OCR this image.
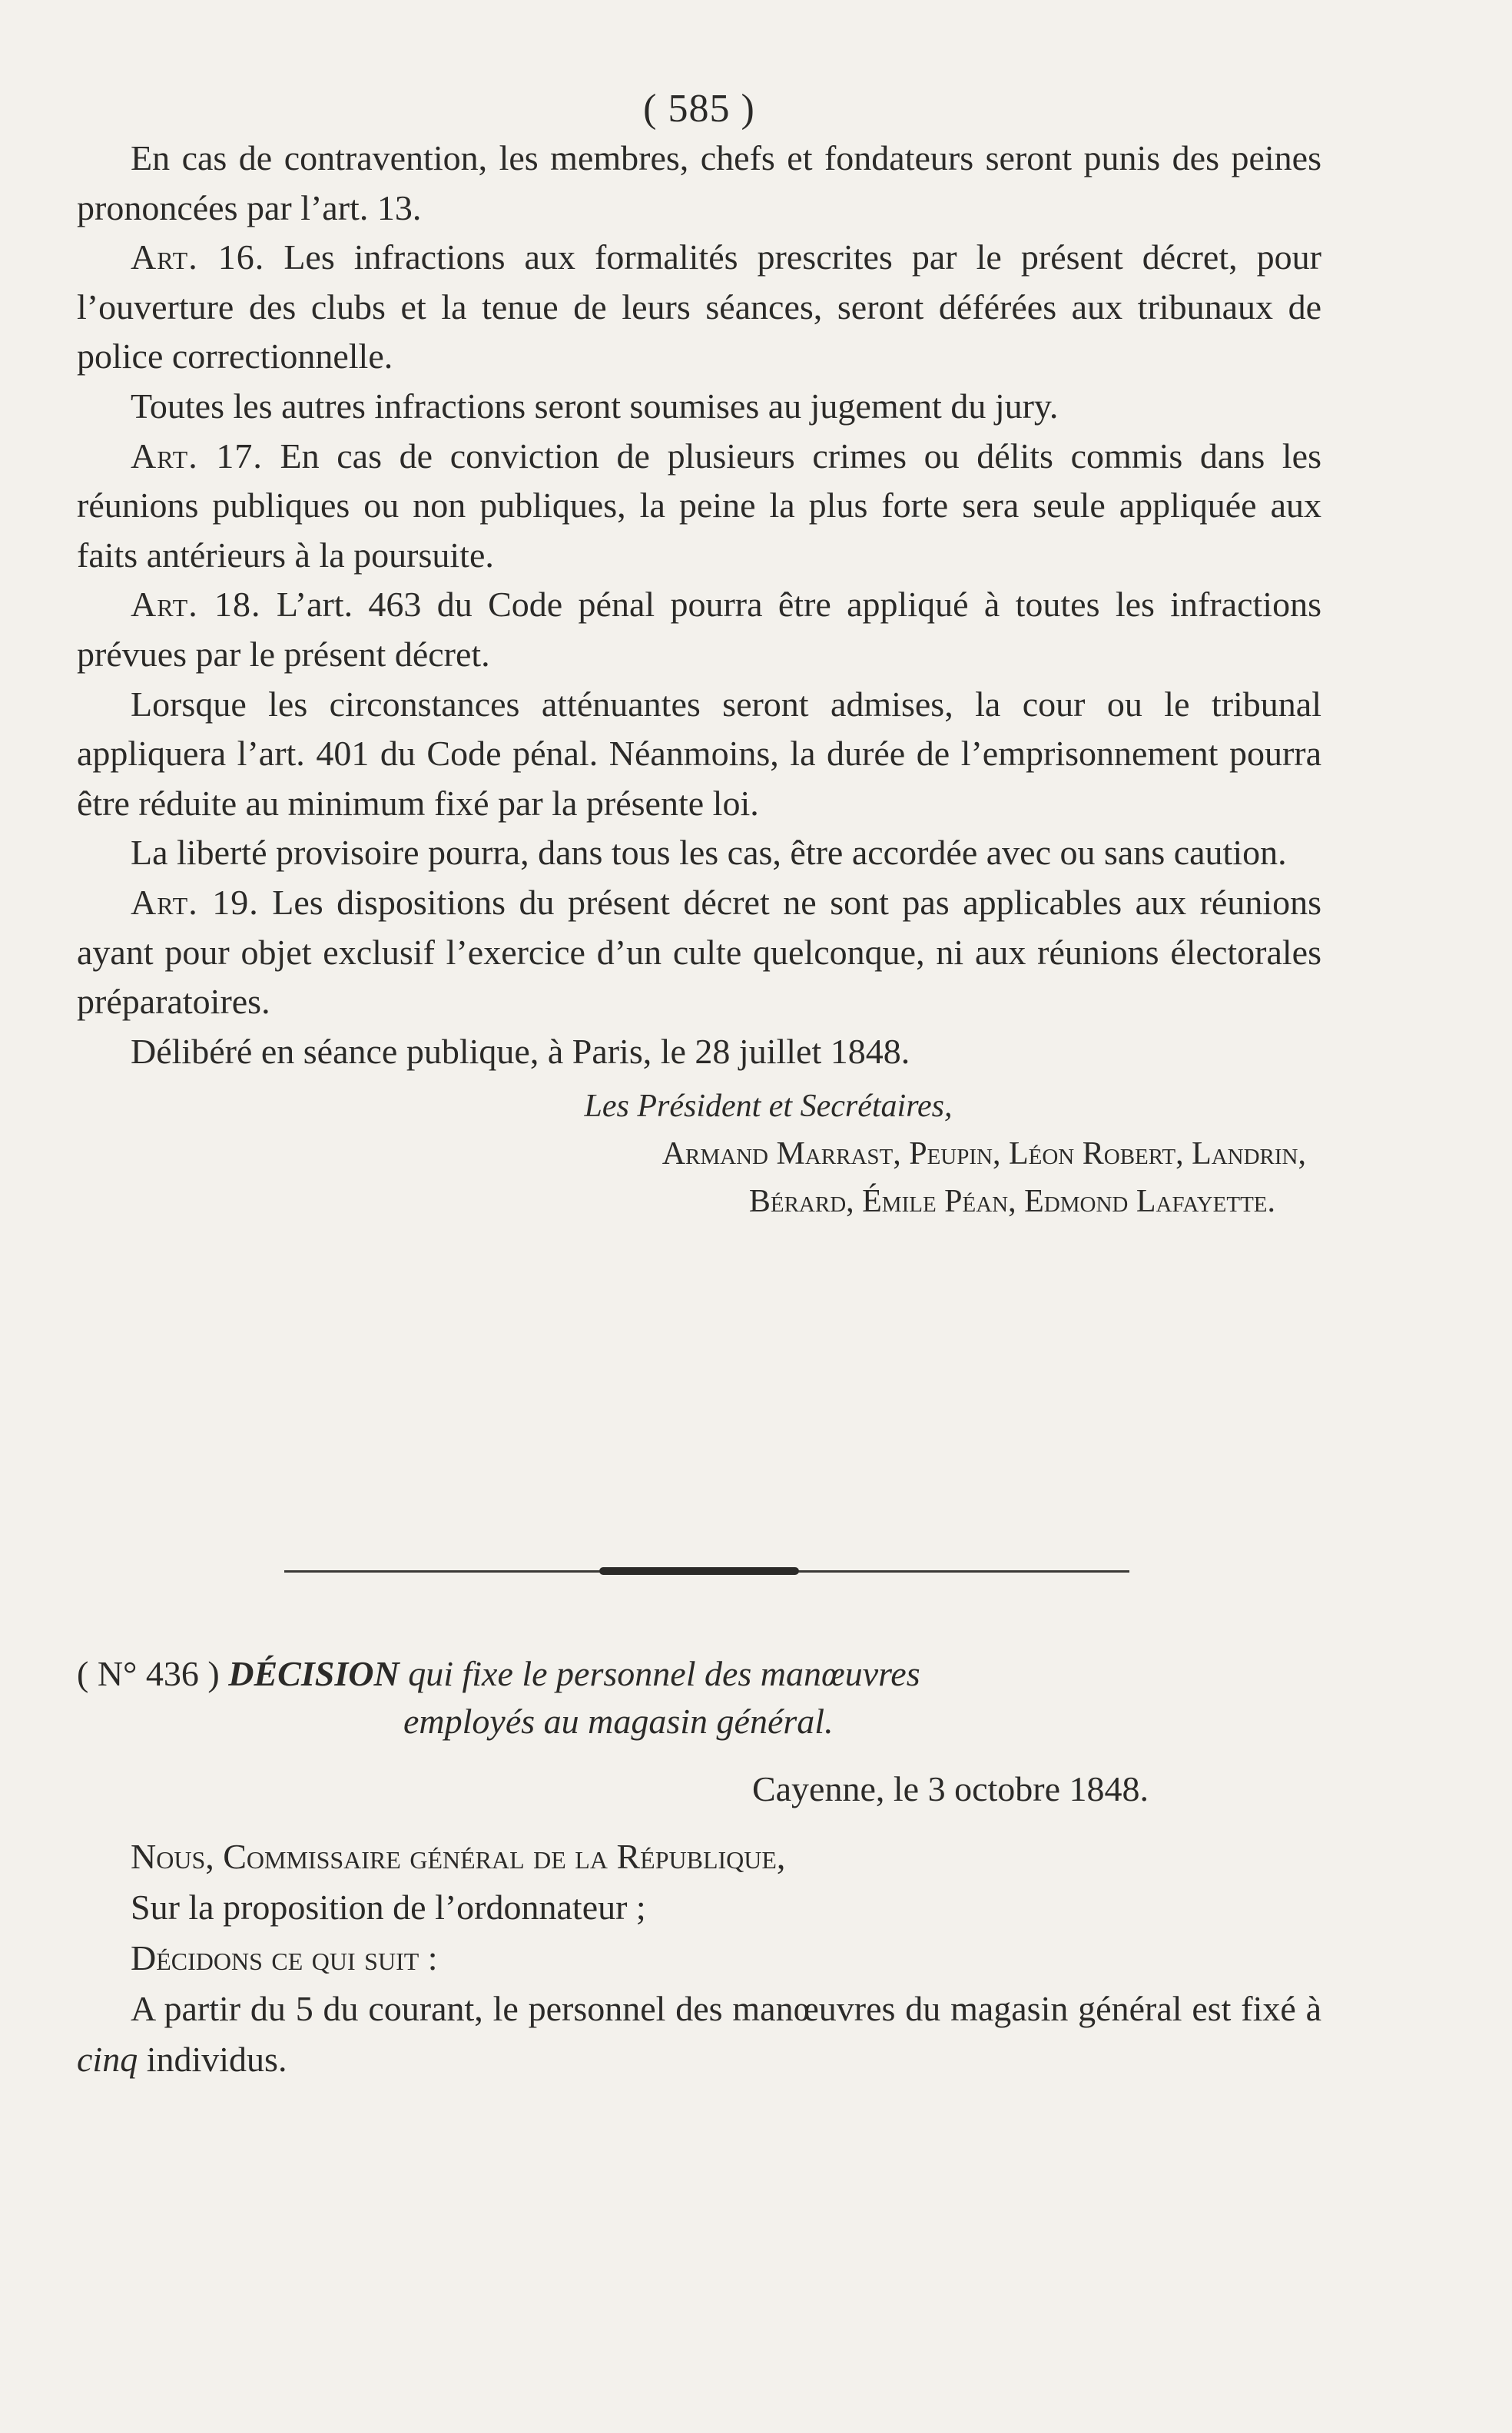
( 585 )

En cas de contravention, les membres, chefs et fondateurs seront punis des peines prononcées par l’art. 13.

Art. 16. Les infractions aux formalités prescrites par le présent décret, pour l’ouverture des clubs et la tenue de leurs séances, seront déférées aux tribunaux de police correctionnelle.

Toutes les autres infractions seront soumises au jugement du jury.

Art. 17. En cas de conviction de plusieurs crimes ou délits commis dans les réunions publiques ou non publiques, la peine la plus forte sera seule appliquée aux faits antérieurs à la poursuite.

Art. 18. L’art. 463 du Code pénal pourra être appliqué à toutes les infractions prévues par le présent décret.

Lorsque les circonstances atténuantes seront admises, la cour ou le tribunal appliquera l’art. 401 du Code pénal. Néanmoins, la durée de l’emprisonnement pourra être réduite au minimum fixé par la présente loi.

La liberté provisoire pourra, dans tous les cas, être accordée avec ou sans caution.

Art. 19. Les dispositions du présent décret ne sont pas applicables aux réunions ayant pour objet exclusif l’exercice d’un culte quelconque, ni aux réunions électorales préparatoires.

Délibéré en séance publique, à Paris, le 28 juillet 1848.

Les Président et Secrétaires,
Armand Marrast, Peupin, Léon Robert, Landrin,
Bérard, Émile Péan, Edmond Lafayette.
( N° 436 ) DÉCISION qui fixe le personnel des manœuvres
employés au magasin général.
Cayenne, le 3 octobre 1848.

Nous, Commissaire général de la République,

Sur la proposition de l’ordonnateur ;

Décidons ce qui suit :

A partir du 5 du courant, le personnel des manœuvres du magasin général est fixé à cinq individus.
